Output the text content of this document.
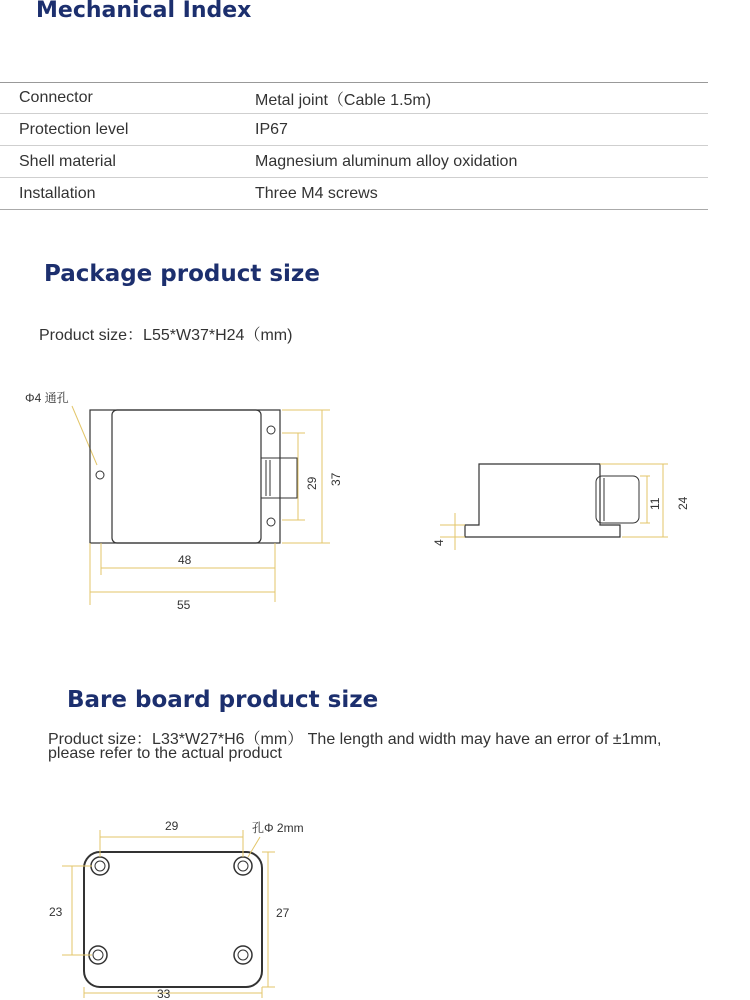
Mechanical Index
Connector	Metal joint（Cable 1.5m)
Protection level	IP67
Shell material	Magnesium aluminum alloy oxidation
Installation	Three M4 screws
Package product size
Product size：L55*W37*H24（mm)
Φ4 通孔
48
55
29 37
4
11 24
Bare board product size
Product size：L33*W27*H6（mm） The length and width may have an error of ±1mm,
please refer to the actual product
29	孔Φ 2mm
33
23	27
